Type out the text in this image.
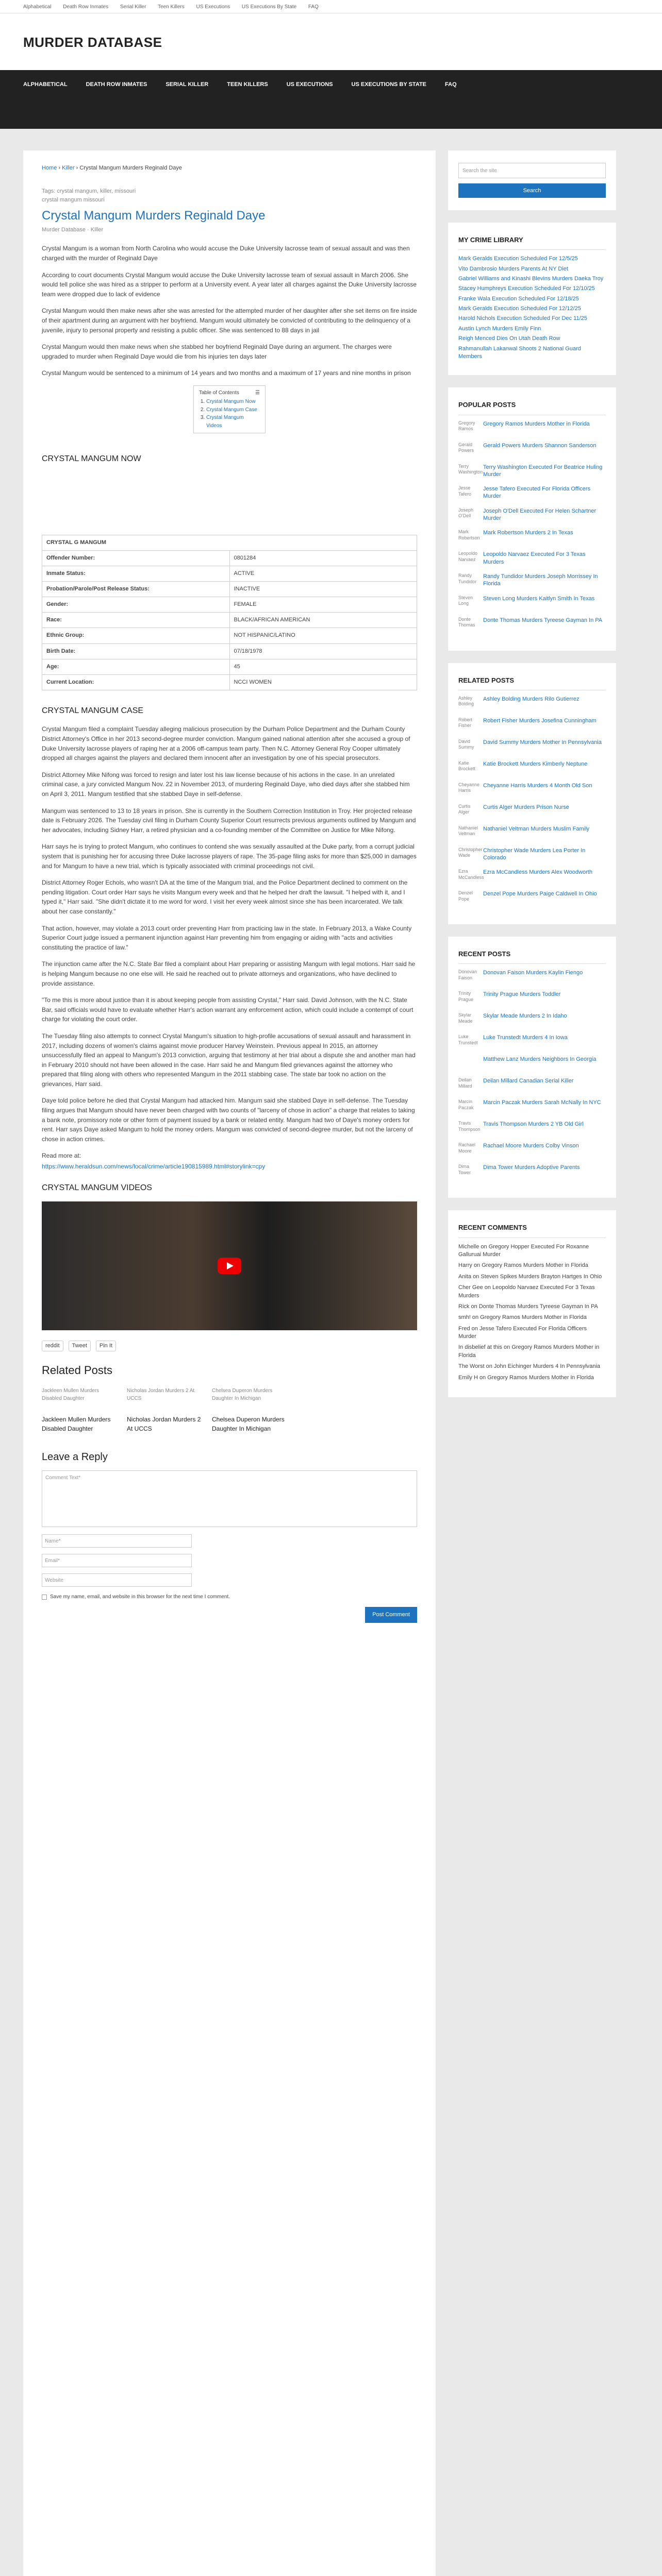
Alphabetical Death Row Inmates Serial Killer Teen Killers US Executions US Executions By State FAQ
MURDER DATABASE
ALPHABETICAL	DEATH ROW INMATES	SERIAL KILLER	TEEN KILLERS	US EXECUTIONS	US EXECUTIONS BY STATE	FAQ
Home › Killer › Crystal Mangum Murders Reginald Daye
Tags: crystal mangum, killer, missouri
crystal mangum missouri
Crystal Mangum Murders Reginald Daye
Murder Database · Killer

Crystal Mangum is a woman from North Carolina who would accuse the Duke University lacrosse team of sexual assault and was then charged with the murder of Reginald Daye

According to court documents Crystal Mangum would accuse the Duke University lacrosse team of sexual assault in March 2006. She would tell police she was hired as a stripper to perform at a University event. A year later all charges against the Duke University lacrosse team were dropped due to lack of evidence

Crystal Mangum would then make news after she was arrested for the attempted murder of her daughter after she set items on fire inside of their apartment during an argument with her boyfriend. Mangum would ultimately be convicted of contributing to the delinquency of a juvenile, injury to personal property and resisting a public officer. She was sentenced to 88 days in jail

Crystal Mangum would then make news when she stabbed her boyfriend Reginald Daye during an argument. The charges were upgraded to murder when Reginald Daye would die from his injuries ten days later

Crystal Mangum would be sentenced to a minimum of 14 years and two months and a maximum of 17 years and nine months in prison

Table of Contents	☰
1. Crystal Mangum Now
2. Crystal Mangum Case
3. Crystal Mangum Videos
CRYSTAL MANGUM NOW
CRYSTAL G MANGUM	
Offender Number:	0801284
Inmate Status:	ACTIVE
Probation/Parole/Post Release Status:	INACTIVE
Gender:	FEMALE
Race:	BLACK/AFRICAN AMERICAN
Ethnic Group:	NOT HISPANIC/LATINO
Birth Date:	07/18/1978
Age:	45
Current Location:	NCCI WOMEN
CRYSTAL MANGUM CASE

Crystal Mangum filed a complaint Tuesday alleging malicious prosecution by the Durham Police Department and the Durham County District Attorney's Office in her 2013 second-degree murder conviction. Mangum gained national attention after she accused a group of Duke University lacrosse players of raping her at a 2006 off-campus team party. Then N.C. Attorney General Roy Cooper ultimately dropped all charges against the players and declared them innocent after an investigation by one of his special prosecutors.

District Attorney Mike Nifong was forced to resign and later lost his law license because of his actions in the case. In an unrelated criminal case, a jury convicted Mangum Nov. 22 in November 2013, of murdering Reginald Daye, who died days after she stabbed him on April 3, 2011. Mangum testified that she stabbed Daye in self-defense.

Mangum was sentenced to 13 to 18 years in prison. She is currently in the Southern Correction Institution in Troy. Her projected release date is February 2026. The Tuesday civil filing in Durham County Superior Court resurrects previous arguments outlined by Mangum and her advocates, including Sidney Harr, a retired physician and a co-founding member of the Committee on Justice for Mike Nifong.

Harr says he is trying to protect Mangum, who continues to contend she was sexually assaulted at the Duke party, from a corrupt judicial system that is punishing her for accusing three Duke lacrosse players of rape. The 35-page filing asks for more than $25,000 in damages and for Mangum to have a new trial, which is typically associated with criminal proceedings not civil.

District Attorney Roger Echols, who wasn't DA at the time of the Mangum trial, and the Police Department declined to comment on the pending litigation. Court order Harr says he visits Mangum every week and that he helped her draft the lawsuit. "I helped with it, and I typed it," Harr said. "She didn't dictate it to me word for word. I visit her every week almost since she has been incarcerated. We talk about her case constantly."

That action, however, may violate a 2013 court order preventing Harr from practicing law in the state. In February 2013, a Wake County Superior Court judge issued a permanent injunction against Harr preventing him from engaging or aiding with "acts and activities constituting the practice of law."

The injunction came after the N.C. State Bar filed a complaint about Harr preparing or assisting Mangum with legal motions. Harr said he is helping Mangum because no one else will. He said he reached out to private attorneys and organizations, who have declined to provide assistance.

"To me this is more about justice than it is about keeping people from assisting Crystal," Harr said. David Johnson, with the N.C. State Bar, said officials would have to evaluate whether Harr's action warrant any enforcement action, which could include a contempt of court charge for violating the court order.

The Tuesday filing also attempts to connect Crystal Mangum's situation to high-profile accusations of sexual assault and harassment in 2017, including dozens of women's claims against movie producer Harvey Weinstein. Previous appeal In 2015, an attorney unsuccessfully filed an appeal to Mangum's 2013 conviction, arguing that testimony at her trial about a dispute she and another man had in February 2010 should not have been allowed in the case. Harr said he and Mangum filed grievances against the attorney who prepared that filing along with others who represented Mangum in the 2011 stabbing case. The state bar took no action on the grievances, Harr said.

Daye told police before he died that Crystal Mangum had attacked him. Mangum said she stabbed Daye in self-defense. The Tuesday filing argues that Mangum should have never been charged with two counts of "larceny of chose in action" a charge that relates to taking a bank note, promissory note or other form of payment issued by a bank or related entity. Mangum had two of Daye's money orders for rent. Harr says Daye asked Mangum to hold the money orders. Mangum was convicted of second-degree murder, but not the larceny of chose in action crimes.

Read more at:

https://www.heraldsun.com/news/local/crime/article190815989.html#storylink=cpy

CRYSTAL MANGUM VIDEOS
reddit	Tweet	Pin It
Related Posts
Jackleen Mullen Murders Disabled Daughter
Jackleen Mullen Murders Disabled Daughter
Nicholas Jordan Murders 2 At UCCS
Nicholas Jordan Murders 2 At UCCS
Chelsea Duperon Murders Daughter In Michigan
Chelsea Duperon Murders Daughter In Michigan
Leave a Reply
Comment Text*
Name*
Email*
Website
Save my name, email, and website in this browser for the next time I comment.
Post Comment
Search the site
Search
MY CRIME LIBRARY
Mark Geralds Execution Scheduled For 12/5/25
Vito Dambrosio Murders Parents At NY Diet
Gabriel Williams and Kinashi Blevins Murders Daeka Troy
Stacey Humphreys Execution Scheduled For 12/10/25
Franke Wala Execution Scheduled For 12/18/25
Mark Geralds Execution Scheduled For 12/12/25
Harold Nichols Execution Scheduled For Dec 11/25
Austin Lynch Murders Emily Finn
Reigh Menced Dies On Utah Death Row
Rahmanullah Lakanwal Shoots 2 National Guard Members
POPULAR POSTS
Gregory Ramos
Gregory Ramos Murders Mother in Florida
Gerald Powers
Gerald Powers Murders Shannon Sanderson
Terry Washington
Terry Washington Executed For Beatrice Huling Murder
Jesse Tafero
Jesse Tafero Executed For Florida Officers Murder
Joseph O'Dell
Joseph O'Dell Executed For Helen Schartner Murder
Mark Robertson
Mark Robertson Murders 2 In Texas
Leopoldo Narvaez
Leopoldo Narvaez Executed For 3 Texas Murders
Randy Tundidor
Randy Tundidor Murders Joseph Morrissey In Florida
Steven Long
Steven Long Murders Kaitlyn Smith In Texas
Donte Thomas
Donte Thomas Murders Tyreese Gayman In PA
RELATED POSTS
Ashley Bolding
Ashley Bolding Murders Rilo Gutierrez
Robert Fisher
Robert Fisher Murders Josefina Cunningham
David Summy
David Summy Murders Mother In Pennsylvania
Katie Brockett
Katie Brockett Murders Kimberly Neptune
Cheyanne Harris
Cheyanne Harris Murders 4 Month Old Son
Curtis Alger
Curtis Alger Murders Prison Nurse
Nathaniel Veltman
Nathaniel Veltman Murders Muslim Family
Christopher Wade
Christopher Wade Murders Lea Porter In Colorado
Ezra McCandless
Ezra McCandless Murders Alex Woodworth
Denzel Pope
Denzel Pope Murders Paige Caldwell In Ohio
RECENT POSTS
Donovan Faison
Donovan Faison Murders Kaylin Fiengo
Trinity Prague
Trinity Prague Murders Toddler
Skylar Meade
Skylar Meade Murders 2 In Idaho
Luke Trunstedt
Luke Trunstedt Murders 4 In Iowa
Matthew Lanz Murders Neighbors In Georgia
Deilan Millard
Deilan Millard Canadian Serial Killer
Marcin Paczak
Marcin Paczak Murders Sarah McNally In NYC
Travis Thompson
Travis Thompson Murders 2 YB Old Girl
Rachael Moore
Rachael Moore Murders Colby Vinson
Dima Tower
Dima Tower Murders Adoptive Parents
RECENT COMMENTS
Michelle on Gregory Hopper Executed For Roxanne Galluruai Murder
Harry on Gregory Ramos Murders Mother in Florida
Anita on Steven Spikes Murders Brayton Hartges In Ohio
Cher Gee on Leopoldo Narvaez Executed For 3 Texas Murders
Rick on Donte Thomas Murders Tyreese Gayman In PA
smh! on Gregory Ramos Murders Mother in Florida
Fred on Jesse Tafero Executed For Florida Officers Murder
In disbelief at this on Gregory Ramos Murders Mother in Florida
The Worst on John Eichinger Murders 4 In Pennsylvania
Emily H on Gregory Ramos Murders Mother in Florida
